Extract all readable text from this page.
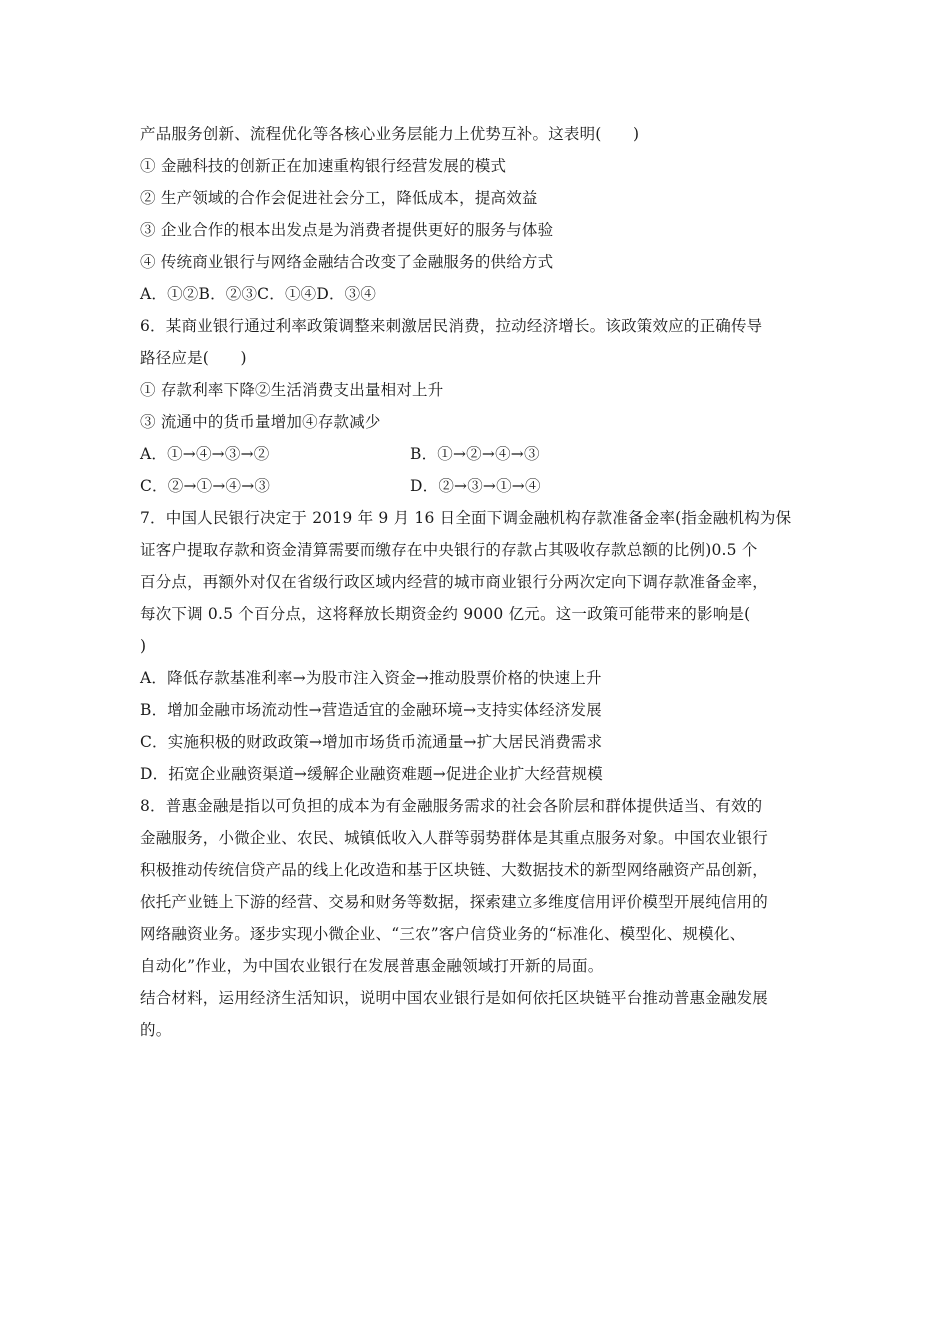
产品服务创新、流程优化等各核心业务层能力上优势互补。这表明(　　)
① 金融科技的创新正在加速重构银行经营发展的模式
② 生产领域的合作会促进社会分工，降低成本，提高效益
③ 企业合作的根本出发点是为消费者提供更好的服务与体验
④ 传统商业银行与网络金融结合改变了金融服务的供给方式
A．①②B．②③C．①④D．③④
6．某商业银行通过利率政策调整来刺激居民消费，拉动经济增长。该政策效应的正确传导
路径应是(　　)
① 存款利率下降②生活消费支出量相对上升
③ 流通中的货币量增加④存款减少
A．①→④→③→②	B．①→②→④→③
C．②→①→④→③	D．②→③→①→④
7．中国人民银行决定于 2019 年 9 月 16 日全面下调金融机构存款准备金率(指金融机构为保
证客户提取存款和资金清算需要而缴存在中央银行的存款占其吸收存款总额的比例)0.5 个
百分点，再额外对仅在省级行政区域内经营的城市商业银行分两次定向下调存款准备金率，
每次下调 0.5 个百分点，这将释放长期资金约 9000 亿元。这一政策可能带来的影响是(
)
A．降低存款基准利率→为股市注入资金→推动股票价格的快速上升
B．增加金融市场流动性→营造适宜的金融环境→支持实体经济发展
C．实施积极的财政政策→增加市场货币流通量→扩大居民消费需求
D．拓宽企业融资渠道→缓解企业融资难题→促进企业扩大经营规模
8．普惠金融是指以可负担的成本为有金融服务需求的社会各阶层和群体提供适当、有效的
金融服务，小微企业、农民、城镇低收入人群等弱势群体是其重点服务对象。中国农业银行
积极推动传统信贷产品的线上化改造和基于区块链、大数据技术的新型网络融资产品创新，
依托产业链上下游的经营、交易和财务等数据，探索建立多维度信用评价模型开展纯信用的
网络融资业务。逐步实现小微企业、“三农”客户信贷业务的“标准化、模型化、规模化、
自动化”作业，为中国农业银行在发展普惠金融领域打开新的局面。
结合材料，运用经济生活知识，说明中国农业银行是如何依托区块链平台推动普惠金融发展
的。
